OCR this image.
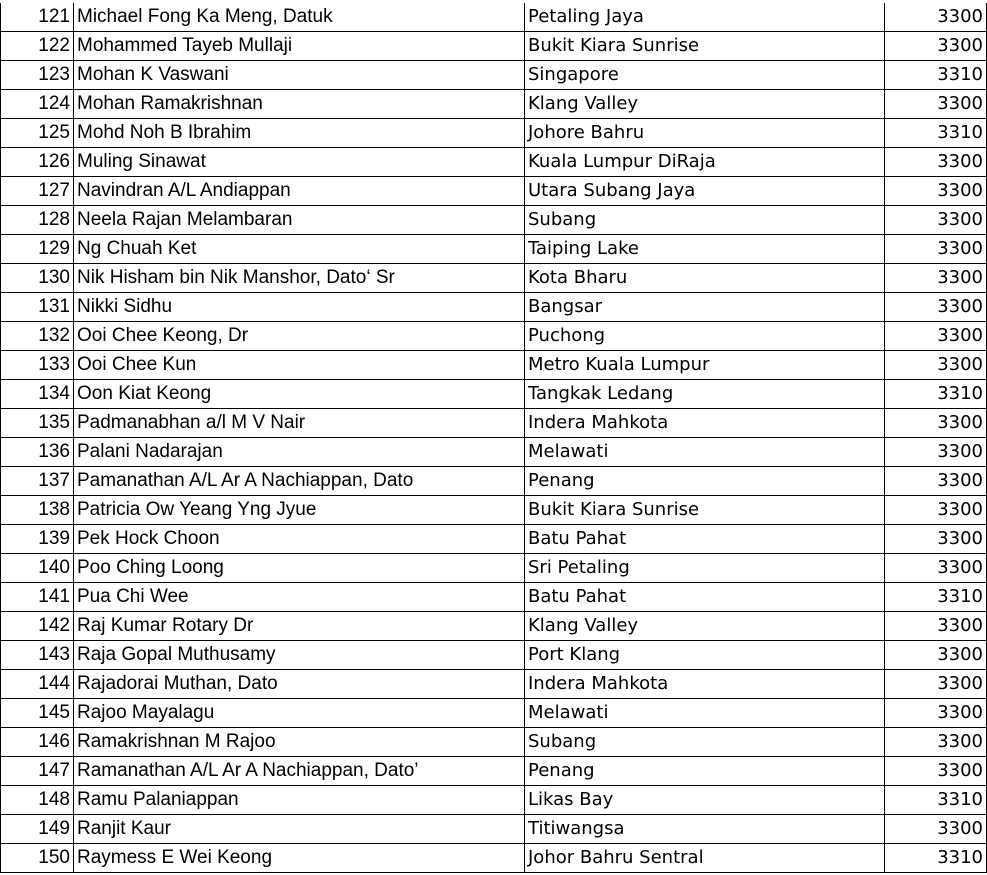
121	Michael Fong Ka Meng, Datuk	Petaling Jaya	3300
122	Mohammed Tayeb Mullaji	Bukit Kiara Sunrise	3300
123	Mohan K Vaswani	Singapore	3310
124	Mohan Ramakrishnan	Klang Valley	3300
125	Mohd Noh B Ibrahim	Johore Bahru	3310
126	Muling Sinawat	Kuala Lumpur DiRaja	3300
127	Navindran A/L Andiappan	Utara Subang Jaya	3300
128	Neela Rajan Melambaran	Subang	3300
129	Ng Chuah Ket	Taiping Lake	3300
130	Nik Hisham bin Nik Manshor, Dato‘ Sr	Kota Bharu	3300
131	Nikki Sidhu	Bangsar	3300
132	Ooi Chee Keong, Dr	Puchong	3300
133	Ooi Chee Kun	Metro Kuala Lumpur	3300
134	Oon Kiat Keong	Tangkak Ledang	3310
135	Padmanabhan a/l M V Nair	Indera Mahkota	3300
136	Palani Nadarajan	Melawati	3300
137	Pamanathan A/L Ar A Nachiappan, Dato	Penang	3300
138	Patricia Ow Yeang Yng Jyue	Bukit Kiara Sunrise	3300
139	Pek Hock Choon	Batu Pahat	3300
140	Poo Ching Loong	Sri Petaling	3300
141	Pua Chi Wee	Batu Pahat	3310
142	Raj Kumar Rotary Dr	Klang Valley	3300
143	Raja Gopal Muthusamy	Port Klang	3300
144	Rajadorai Muthan, Dato	Indera Mahkota	3300
145	Rajoo Mayalagu	Melawati	3300
146	Ramakrishnan M Rajoo	Subang	3300
147	Ramanathan A/L Ar A Nachiappan, Dato’	Penang	3300
148	Ramu Palaniappan	Likas Bay	3310
149	Ranjit Kaur	Titiwangsa	3300
150	Raymess E Wei Keong	Johor Bahru Sentral	3310
